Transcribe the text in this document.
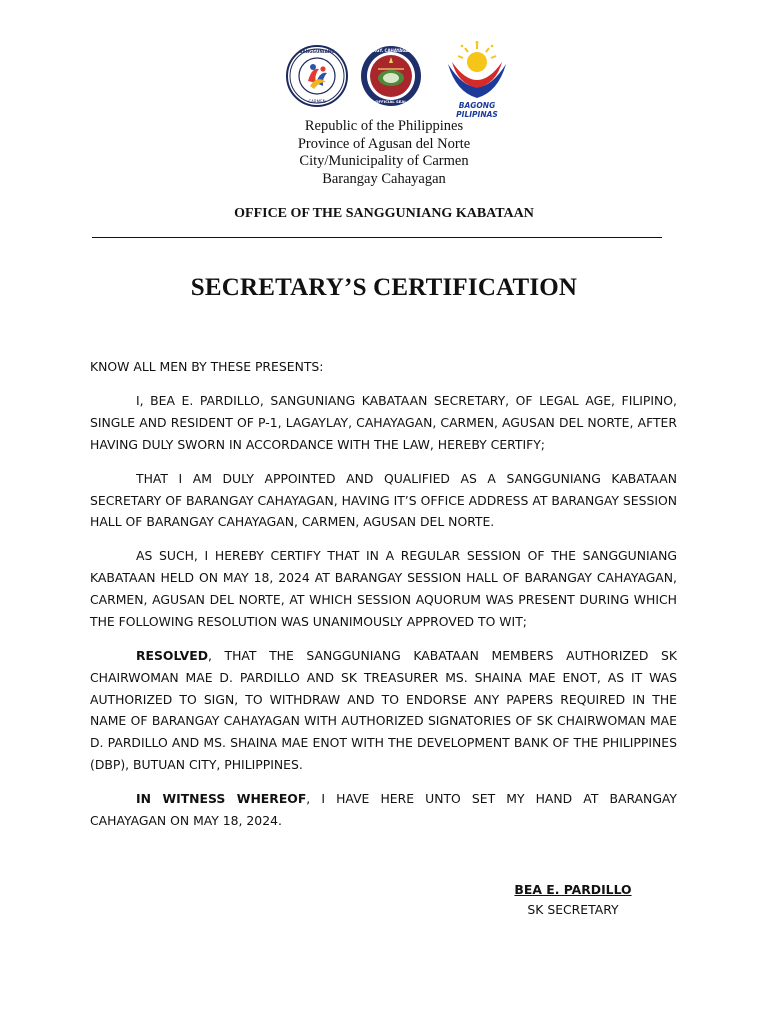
SANGGUNIANG
CARMEN
BRGY. CAHAYAGAN
OFFICIAL SEAL	BAGONG PILIPINAS
Republic of the Philippines
Province of Agusan del Norte
City/Municipality of Carmen
Barangay Cahayagan
OFFICE OF THE SANGGUNIANG KABATAAN
SECRETARY’S CERTIFICATION

KNOW ALL MEN BY THESE PRESENTS:

I, BEA E. PARDILLO, SANGUNIANG KABATAAN SECRETARY, OF LEGAL AGE, FILIPINO, SINGLE AND RESIDENT OF P-1, LAGAYLAY, CAHAYAGAN, CARMEN, AGUSAN DEL NORTE, AFTER HAVING DULY SWORN IN ACCORDANCE WITH THE LAW, HEREBY CERTIFY;

THAT I AM DULY APPOINTED AND QUALIFIED AS A SANGGUNIANG KABATAAN SECRETARY OF BARANGAY CAHAYAGAN, HAVING IT’S OFFICE ADDRESS AT BARANGAY SESSION HALL OF BARANGAY CAHAYAGAN, CARMEN, AGUSAN DEL NORTE.

AS SUCH, I HEREBY CERTIFY THAT IN A REGULAR SESSION OF THE SANGGUNIANG KABATAAN HELD ON MAY 18, 2024 AT BARANGAY SESSION HALL OF BARANGAY CAHAYAGAN, CARMEN, AGUSAN DEL NORTE, AT WHICH SESSION AQUORUM WAS PRESENT DURING WHICH THE FOLLOWING RESOLUTION WAS UNANIMOUSLY APPROVED TO WIT;

RESOLVED, THAT THE SANGGUNIANG KABATAAN MEMBERS AUTHORIZED SK CHAIRWOMAN MAE D. PARDILLO AND SK TREASURER MS. SHAINA MAE ENOT, AS IT WAS AUTHORIZED TO SIGN, TO WITHDRAW AND TO ENDORSE ANY PAPERS REQUIRED IN THE NAME OF BARANGAY CAHAYAGAN WITH AUTHORIZED SIGNATORIES OF SK CHAIRWOMAN MAE D. PARDILLO AND MS. SHAINA MAE ENOT WITH THE DEVELOPMENT BANK OF THE PHILIPPINES (DBP), BUTUAN CITY, PHILIPPINES.

IN WITNESS WHEREOF, I HAVE HERE UNTO SET MY HAND AT BARANGAY CAHAYAGAN ON MAY 18, 2024.

BEA E. PARDILLO
SK SECRETARY
